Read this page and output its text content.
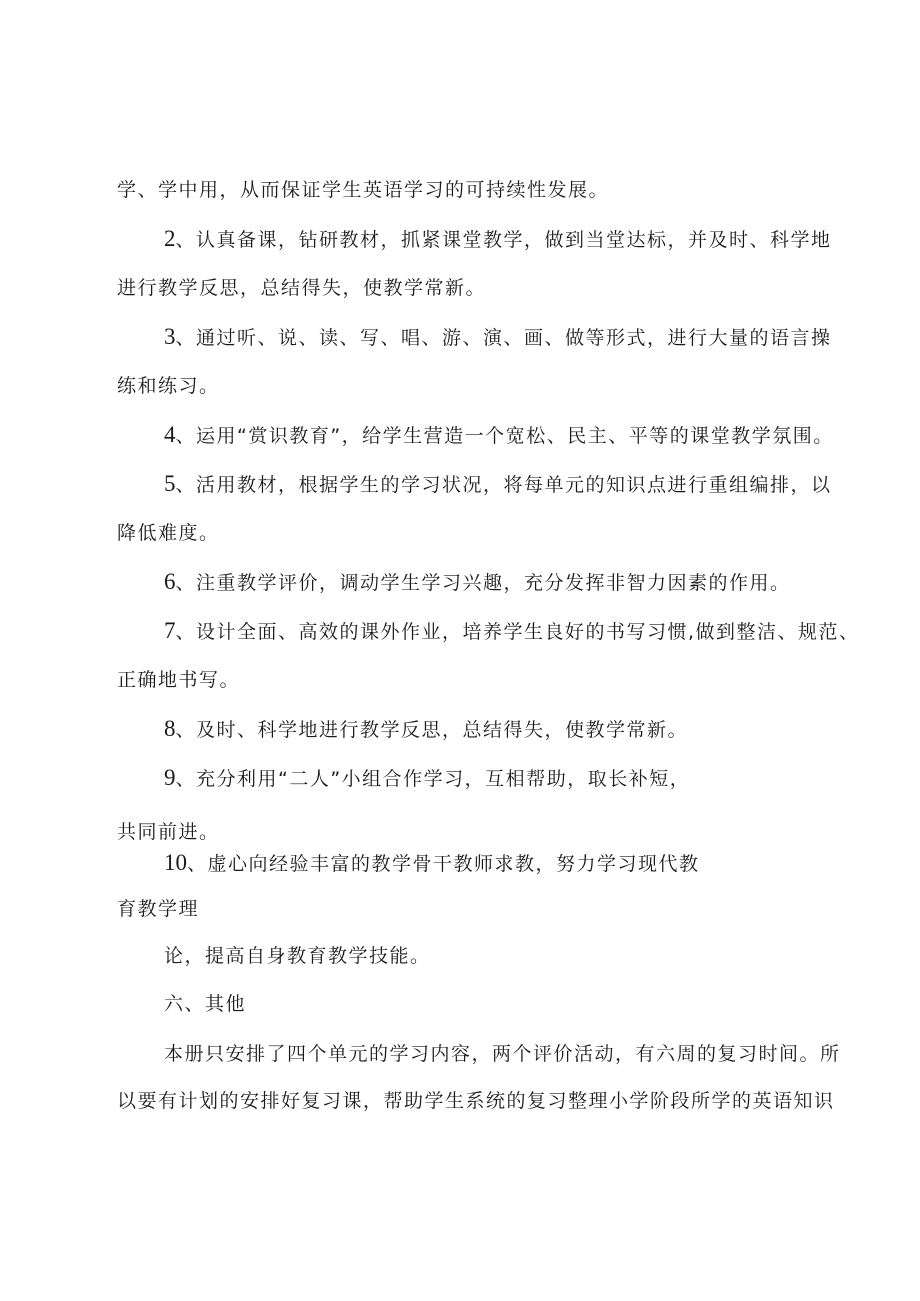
学、学中用，从而保证学生英语学习的可持续性发展。
2、认真备课，钻研教材，抓紧课堂教学，做到当堂达标，并及时、科学地
进行教学反思，总结得失，使教学常新。
3、通过听、说、读、写、唱、游、演、画、做等形式，进行大量的语言操
练和练习。
4、运用“赏识教育”，给学生营造一个宽松、民主、平等的课堂教学氛围。
5、活用教材，根据学生的学习状况，将每单元的知识点进行重组编排，以
降低难度。
6、注重教学评价，调动学生学习兴趣，充分发挥非智力因素的作用。
7、设计全面、高效的课外作业，培养学生良好的书写习惯,做到整洁、规范、
正确地书写。
8、及时、科学地进行教学反思，总结得失，使教学常新。
9、充分利用“二人”小组合作学习，互相帮助，取长补短，
共同前进。
10、虚心向经验丰富的教学骨干教师求教，努力学习现代教
育教学理
论，提高自身教育教学技能。
六、其他
本册只安排了四个单元的学习内容，两个评价活动，有六周的复习时间。所
以要有计划的安排好复习课，帮助学生系统的复习整理小学阶段所学的英语知识
